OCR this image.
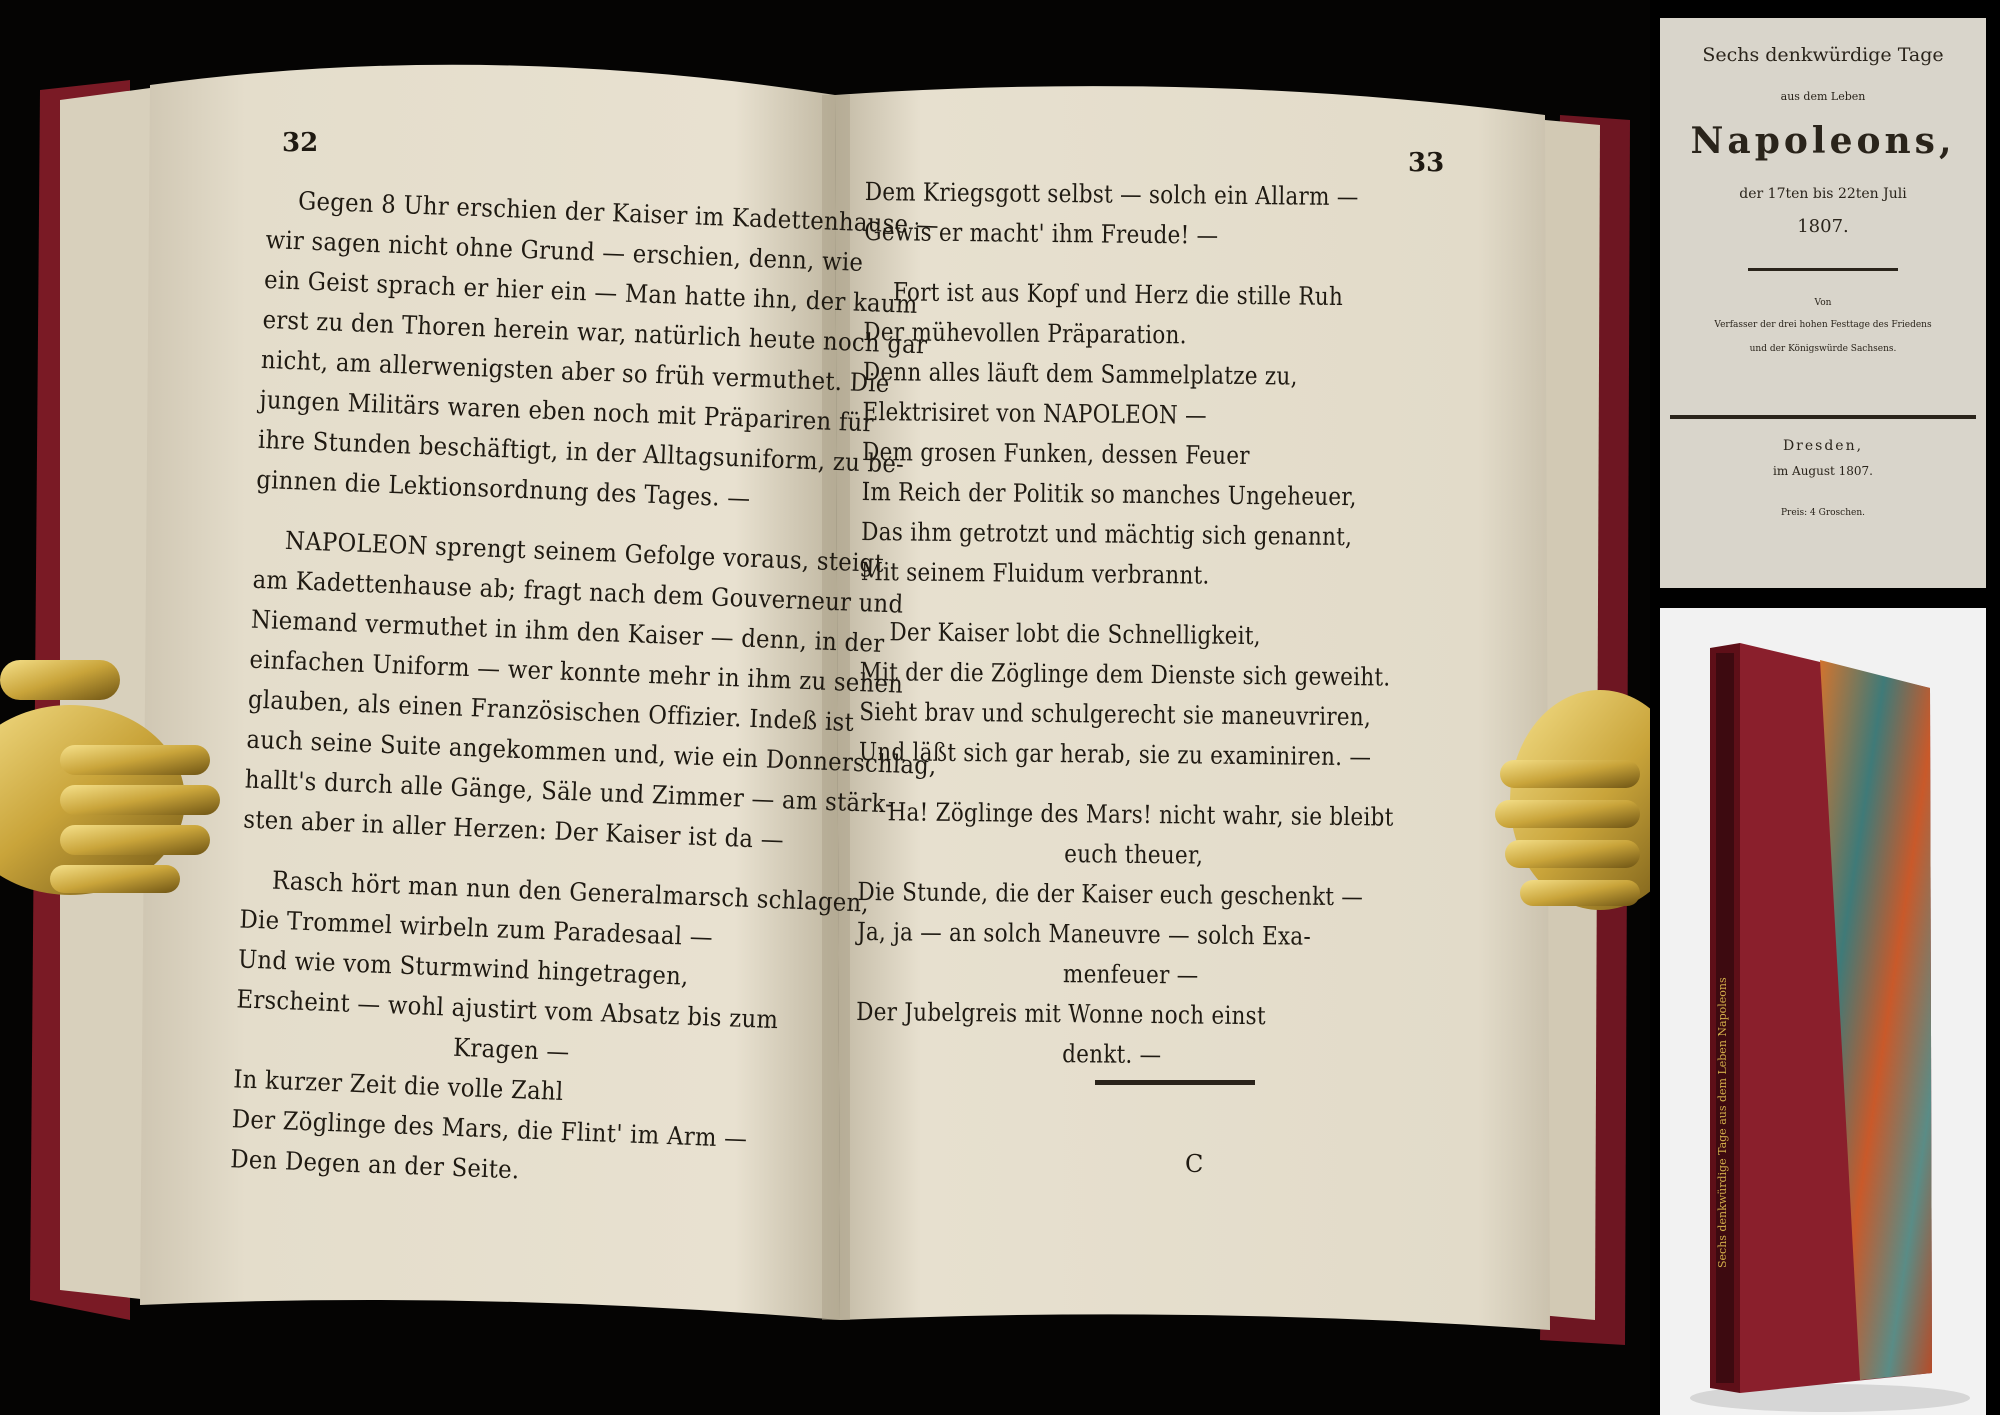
32
33
Gegen 8 Uhr erschien der Kaiser im Kadettenhause —
wir sagen nicht ohne Grund — erschien, denn, wie
ein Geist sprach er hier ein — Man hatte ihn, der kaum
erst zu den Thoren herein war, natürlich heute noch gar
nicht, am allerwenigsten aber so früh vermuthet. Die
jungen Militärs waren eben noch mit Präpariren für
ihre Stunden beschäftigt, in der Alltagsuniform, zu be-
ginnen die Lektionsordnung des Tages. —
NAPOLEON sprengt seinem Gefolge voraus, steigt
am Kadettenhause ab; fragt nach dem Gouverneur und
Niemand vermuthet in ihm den Kaiser — denn, in der
einfachen Uniform — wer konnte mehr in ihm zu sehen
glauben, als einen Französischen Offizier. Indeß ist
auch seine Suite angekommen und, wie ein Donnerschlag,
hallt's durch alle Gänge, Säle und Zimmer — am stärk-
sten aber in aller Herzen: Der Kaiser ist da —
Rasch hört man nun den Generalmarsch schlagen,
Die Trommel wirbeln zum Paradesaal —
Und wie vom Sturmwind hingetragen,
Erscheint — wohl ajustirt vom Absatz bis zum
Kragen —
In kurzer Zeit die volle Zahl
Der Zöglinge des Mars, die Flint' im Arm —
Den Degen an der Seite.
Dem Kriegsgott selbst — solch ein Allarm —
Gewis er macht' ihm Freude! —
Fort ist aus Kopf und Herz die stille Ruh
Der mühevollen Präparation.
Denn alles läuft dem Sammelplatze zu,
Elektrisiret von NAPOLEON —
Dem grosen Funken, dessen Feuer
Im Reich der Politik so manches Ungeheuer,
Das ihm getrotzt und mächtig sich genannt,
Mit seinem Fluidum verbrannt.
Der Kaiser lobt die Schnelligkeit,
Mit der die Zöglinge dem Dienste sich geweiht.
Sieht brav und schulgerecht sie maneuvriren,
Und läßt sich gar herab, sie zu examiniren. —
Ha! Zöglinge des Mars! nicht wahr, sie bleibt
euch theuer,
Die Stunde, die der Kaiser euch geschenkt —
Ja, ja — an solch Maneuvre — solch Exa-
menfeuer —
Der Jubelgreis mit Wonne noch einst
denkt. —
C
Sechs denkwürdige Tage
aus dem Leben
Napoleons,
der 17ten bis 22ten Juli
1807.
Von
Verfasser der drei hohen Festtage des Friedens
und der Königswürde Sachsens.
Dresden,
im August 1807.
Preis: 4 Groschen.
Sechs denkwürdige Tage aus dem Leben Napoleons
